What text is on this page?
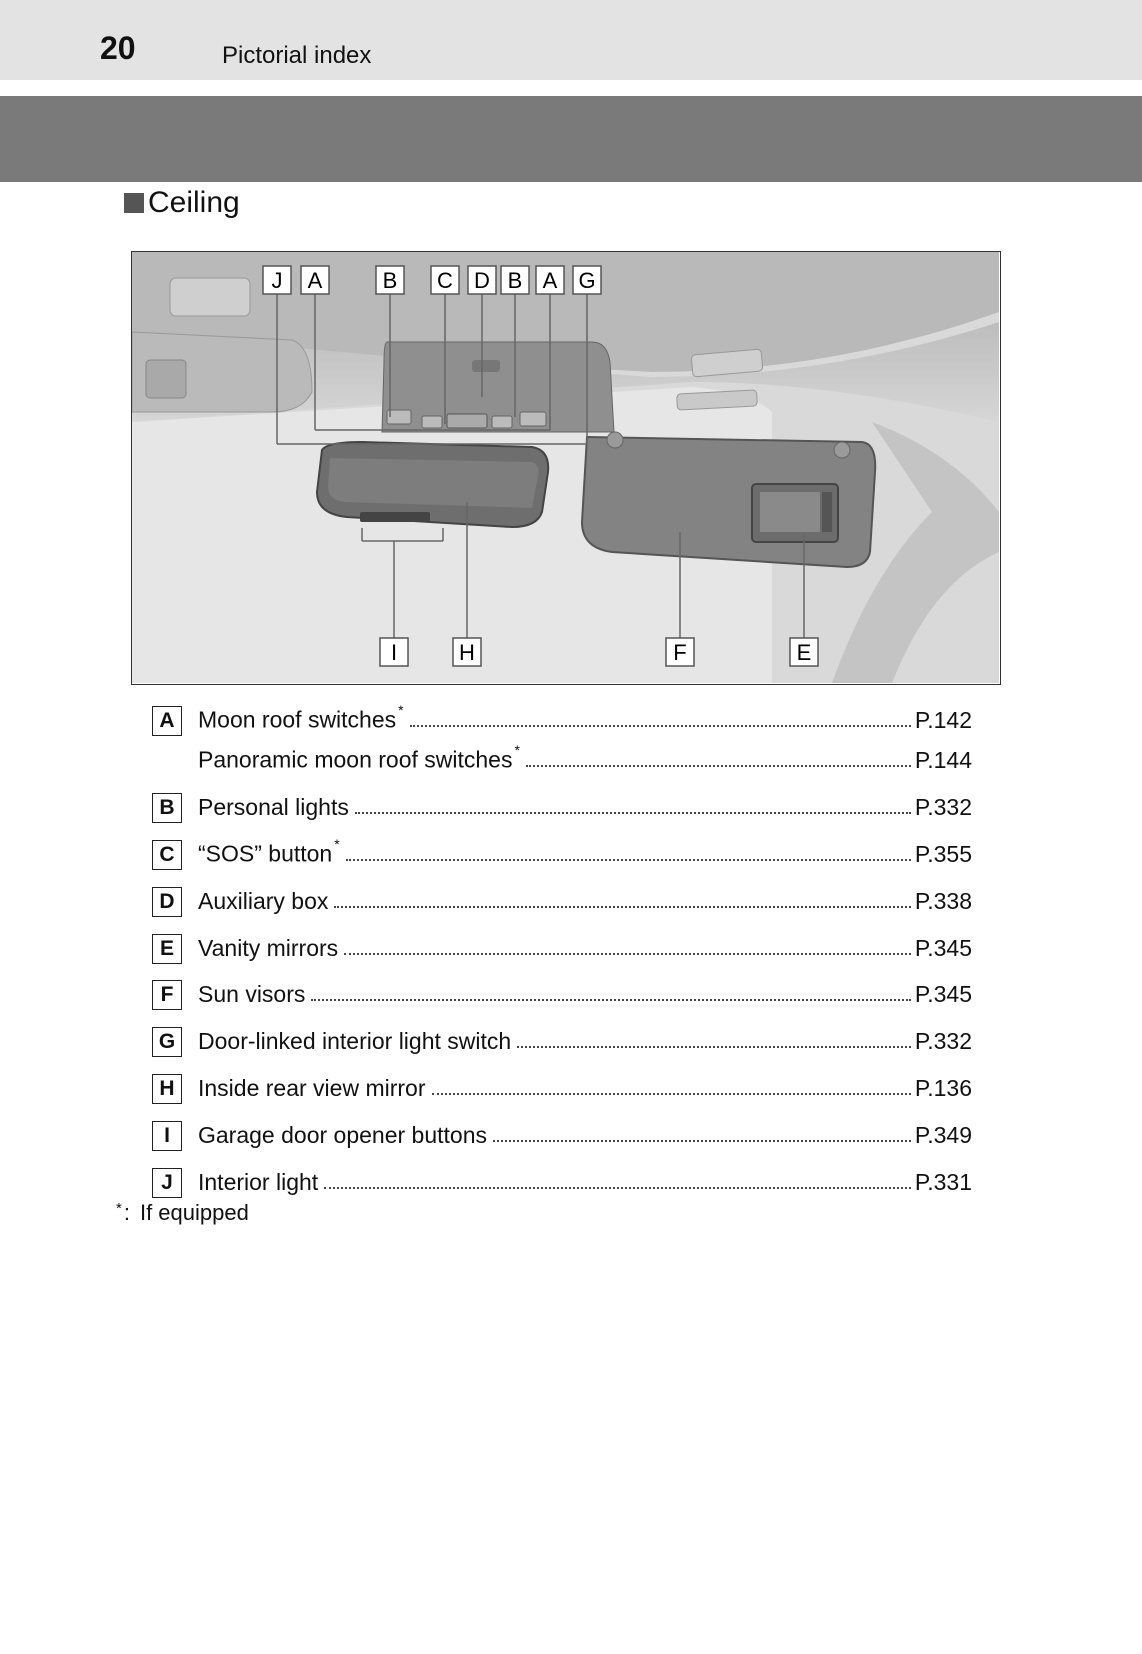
20	Pictorial index
Ceiling
J A	B C D B A G
I	H	F	E
A	Moon roof switches *	P.142
Panoramic moon roof switches *	P.144
B	Personal lights	P.332
C	“SOS” button *	P.355
D	Auxiliary box	P.338
E	Vanity mirrors	P.345
F	Sun visors	P.345
G Door-linked interior light switch	P.332
H	Inside rear view mirror	P.136
I	Garage door opener buttons	P.349
J	Interior light	P.331
* : If equipped
